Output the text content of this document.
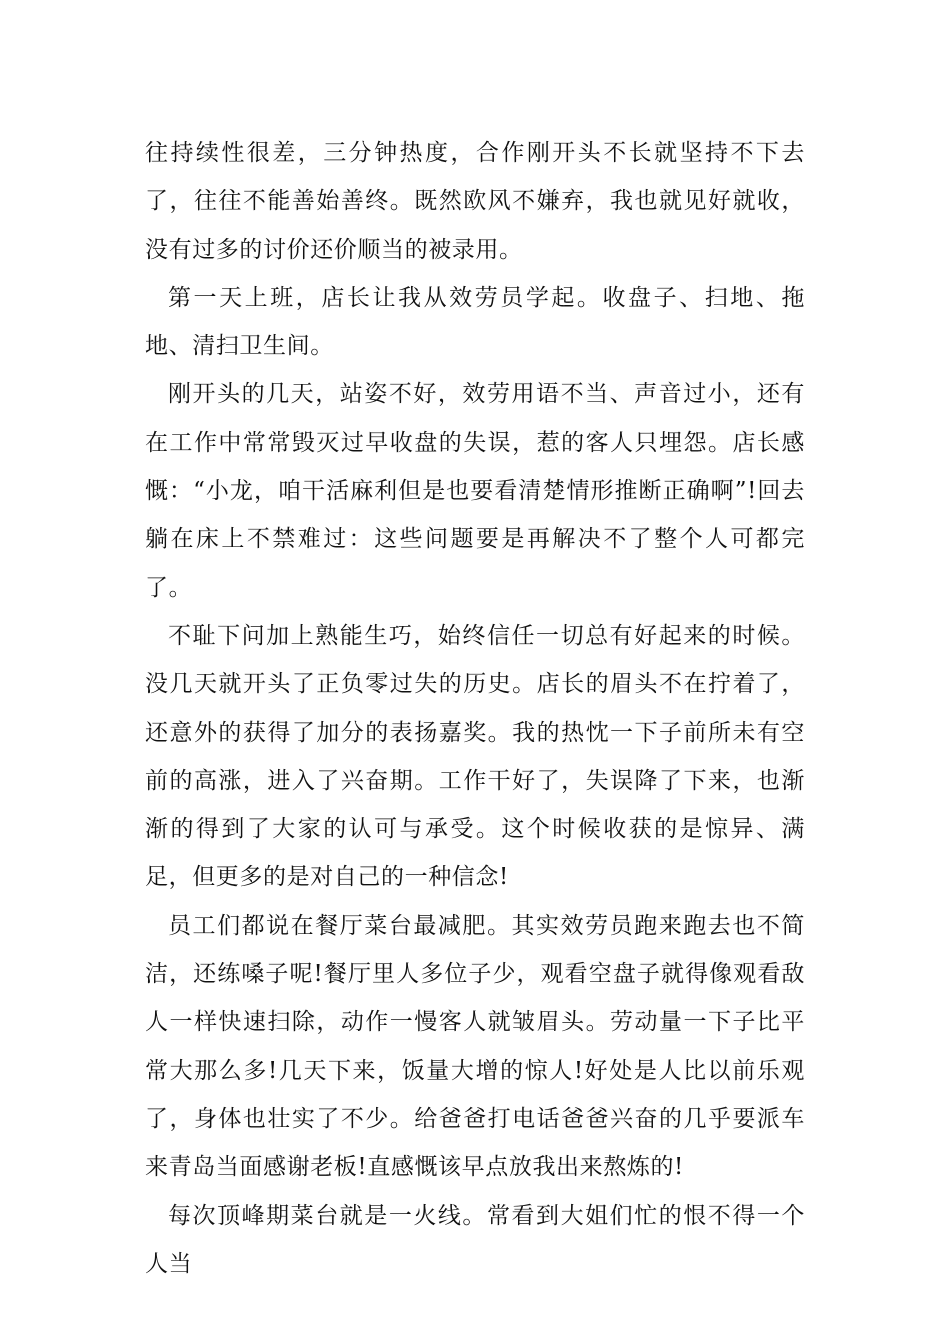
往持续性很差，三分钟热度，合作刚开头不长就坚持不下去了，往往不能善始善终。既然欧风不嫌弃，我也就见好就收，没有过多的讨价还价顺当的被录用。

第一天上班，店长让我从效劳员学起。收盘子、扫地、拖地、清扫卫生间。

刚开头的几天，站姿不好，效劳用语不当、声音过小，还有在工作中常常毁灭过早收盘的失误，惹的客人只埋怨。店长感慨：“小龙，咱干活麻利但是也要看清楚情形推断正确啊”!回去躺在床上不禁难过：这些问题要是再解决不了整个人可都完了。

不耻下问加上熟能生巧，始终信任一切总有好起来的时候。没几天就开头了正负零过失的历史。店长的眉头不在拧着了，还意外的获得了加分的表扬嘉奖。我的热忱一下子前所未有空前的高涨，进入了兴奋期。工作干好了，失误降了下来，也渐渐的得到了大家的认可与承受。这个时候收获的是惊异、满足，但更多的是对自己的一种信念!

员工们都说在餐厅菜台最减肥。其实效劳员跑来跑去也不简洁，还练嗓子呢!餐厅里人多位子少，观看空盘子就得像观看敌人一样快速扫除，动作一慢客人就皱眉头。劳动量一下子比平常大那么多!几天下来，饭量大增的惊人!好处是人比以前乐观了，身体也壮实了不少。给爸爸打电话爸爸兴奋的几乎要派车来青岛当面感谢老板!直感慨该早点放我出来熬炼的!

每次顶峰期菜台就是一火线。常看到大姐们忙的恨不得一个人当
